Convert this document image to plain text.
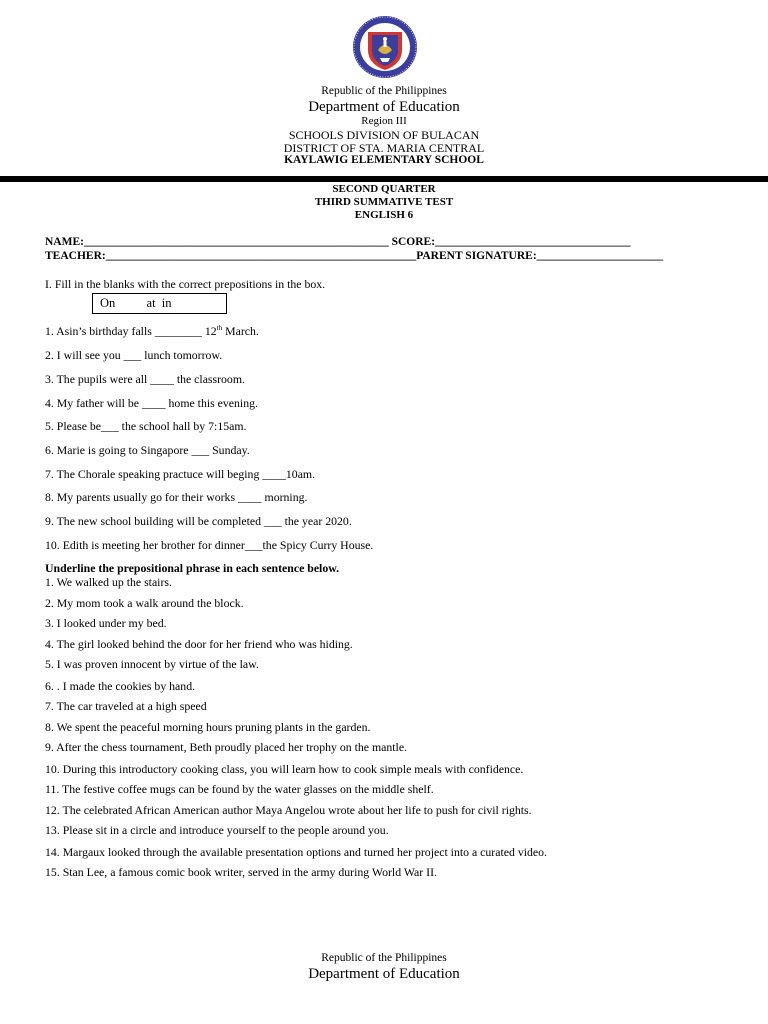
Republic of the Philippines
Department of Education
Region III
SCHOOLS DIVISION OF BULACAN
DISTRICT OF STA. MARIA CENTRAL
KAYLAWIG ELEMENTARY SCHOOL
SECOND QUARTER
THIRD SUMMATIVE TEST
ENGLISH 6
NAME:_____________________________________________________ SCORE:__________________________________
TEACHER:______________________________________________________PARENT SIGNATURE:______________________
I. Fill in the blanks with the correct prepositions in the box.
On          at  in
1. Asin’s birthday falls ________ 12th March.
2. I will see you ___ lunch tomorrow.
3. The pupils were all ____ the classroom.
4. My father will be ____ home this evening.
5. Please be___ the school hall by 7:15am.
6. Marie is going to Singapore ___ Sunday.
7. The Chorale speaking practuce will beging ____10am.
8. My parents usually go for their works ____ morning.
9. The new school building will be completed ___ the year 2020.
10. Edith is meeting her brother for dinner___the Spicy Curry House.
Underline the prepositional phrase in each sentence below.
1. We walked up the stairs.
2. My mom took a walk around the block.
3. I looked under my bed.
4. The girl looked behind the door for her friend who was hiding.
5. I was proven innocent by virtue of the law.
6. . I made the cookies by hand.
7. The car traveled at a high speed
8. We spent the peaceful morning hours pruning plants in the garden.
9. After the chess tournament, Beth proudly placed her trophy on the mantle.
10. During this introductory cooking class, you will learn how to cook simple meals with confidence.
11. The festive coffee mugs can be found by the water glasses on the middle shelf.
12. The celebrated African American author Maya Angelou wrote about her life to push for civil rights.
13. Please sit in a circle and introduce yourself to the people around you.
14. Margaux looked through the available presentation options and turned her project into a curated video.
15. Stan Lee, a famous comic book writer, served in the army during World War II.
Republic of the Philippines
Department of Education
